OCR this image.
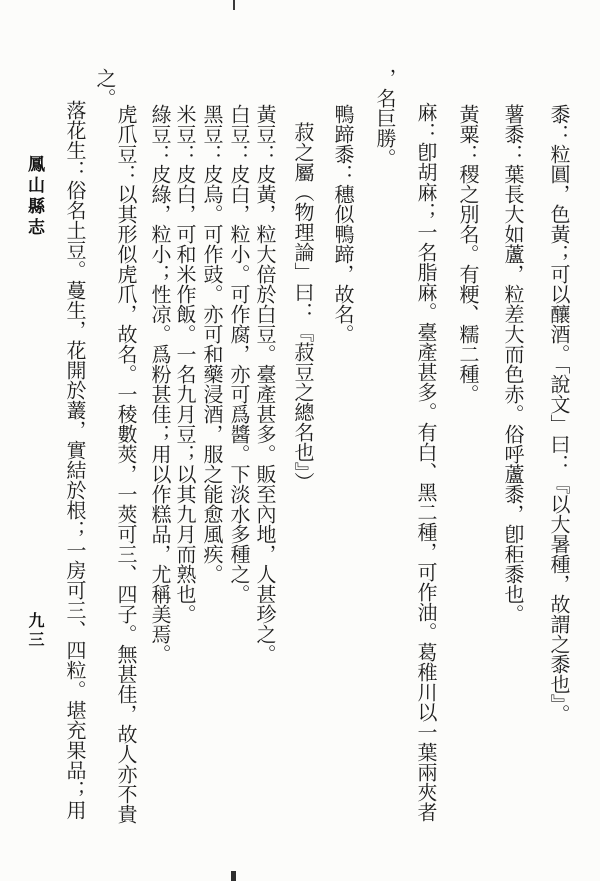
鳳山縣志
九三	黍：粒圓，色黃；可以釀酒。「說文」曰：『以大暑種，故謂之黍也』。
薯黍：葉長大如蘆，粒差大而色赤。俗呼蘆黍，卽秬黍也。
黃粟：稷之別名。有粳、糯二種。
麻：卽胡麻；一名脂麻。臺產甚多。有白、黑二種，可作油。葛稚川以一葉兩夾者
，名巨勝。
鴨蹄黍：穗似鴨蹄，故名。
菽之屬（物理論」曰：『菽豆之總名也』）
黃豆：皮黃，粒大倍於白豆。臺產甚多。販至內地，人甚珍之。
白豆：皮白，粒小。可作腐，亦可爲醬。下淡水多種之。
黑豆：皮烏。可作豉。亦可和藥浸酒，服之能愈風疾。
米豆：皮白，可和米作飯。一名九月豆；以其九月而熟也。
綠豆：皮綠，粒小；性凉。爲粉甚佳；用以作糕品，尤稱美焉。
虎爪豆：以其形似虎爪，故名。一稜數莢，一莢可三、四子。無甚佳，故人亦不貴
之。
落花生：俗名土豆。蔓生，花開於䕺，實結於根；一房可三、四粒。堪充果品；用
